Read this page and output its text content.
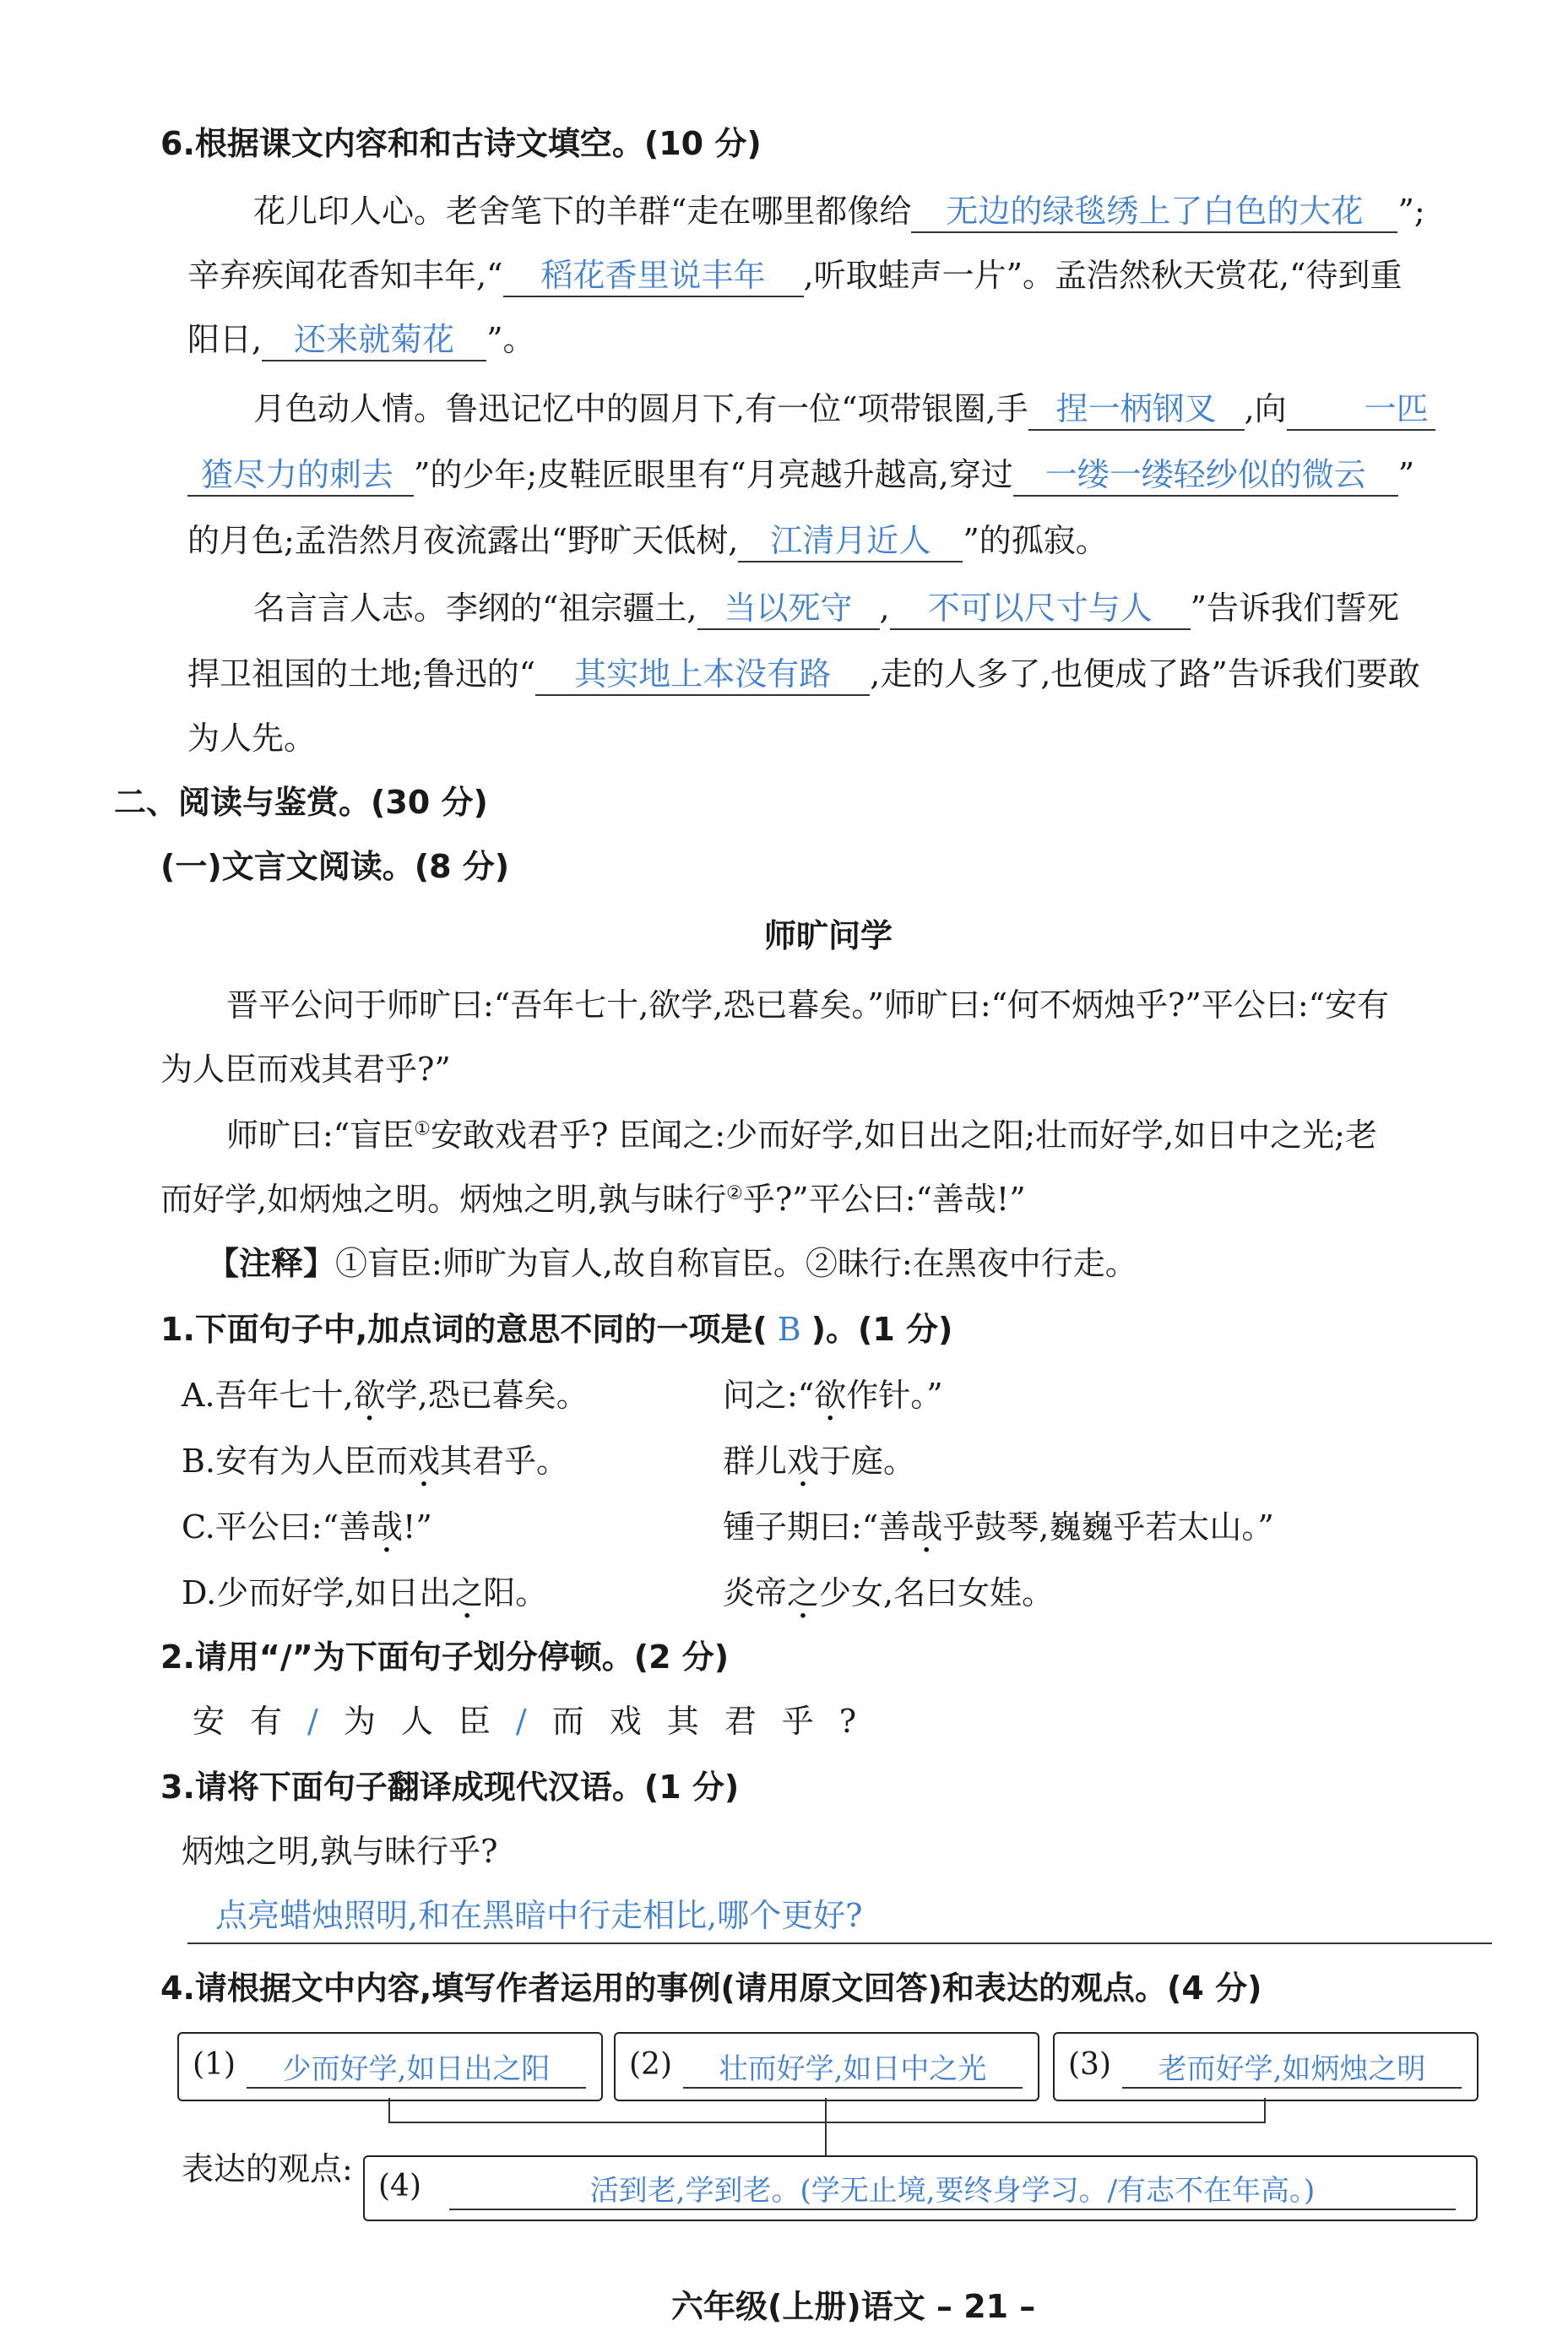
6.根据课文内容和和古诗文填空。(10 分)
花儿印人心。老舍笔下的羊群“走在哪里都像给 无边的绿毯绣上了白色的大花 ”;
辛弃疾闻花香知丰年,“ 稻花香里说丰年 ,听取蛙声一片”。孟浩然秋天赏花,“待到重
阳日, 还来就菊花 ”。
月色动人情。鲁迅记忆中的圆月下,有一位“项带银圈,手 捏一柄钢叉 ,向 一匹
猹尽力的刺去 ”的少年;皮鞋匠眼里有“月亮越升越高,穿过 一缕一缕轻纱似的微云 ”
的月色;孟浩然月夜流露出“野旷天低树, 江清月近人 ”的孤寂。
名言言人志。李纲的“祖宗疆土, 当以死守 , 不可以尺寸与人 ”告诉我们誓死
捍卫祖国的土地;鲁迅的“ 其实地上本没有路 ,走的人多了,也便成了路”告诉我们要敢
为人先。
二、阅读与鉴赏。(30 分)
(一)文言文阅读。(8 分)
师旷问学
晋平公问于师旷曰:“吾年七十,欲学,恐已暮矣。”师旷曰:“何不炳烛乎?”平公曰:“安有
为人臣而戏其君乎?”
师旷曰:“盲臣①安敢戏君乎? 臣闻之:少而好学,如日出之阳;壮而好学,如日中之光;老
而好学,如炳烛之明。炳烛之明,孰与昧行②乎?”平公曰:“善哉!”
【注释】①盲臣:师旷为盲人,故自称盲臣。②昧行:在黑夜中行走。
1.下面句子中,加点词的意思不同的一项是( B )。(1 分)
A.吾年七十,欲学,恐已暮矣。	问之:“欲作针。”
B.安有为人臣而戏其君乎。	群儿戏于庭。
C.平公曰:“善哉!”	锺子期曰:“善哉乎鼓琴,巍巍乎若太山。”
D.少而好学,如日出之阳。	炎帝之少女,名曰女娃。
2.请用“/”为下面句子划分停顿。(2 分)
安 有 / 为 人 臣 / 而 戏 其 君 乎 ?
3.请将下面句子翻译成现代汉语。(1 分)
炳烛之明,孰与昧行乎?
点亮蜡烛照明,和在黑暗中行走相比,哪个更好?
4.请根据文中内容,填写作者运用的事例(请用原文回答)和表达的观点。(4 分)
(1)	少而好学,如日出之阳	(2)	壮而好学,如日中之光	(3)	老而好学,如炳烛之明
表达的观点: (4)	活到老,学到老。(学无止境,要终身学习。/有志不在年高。)
六年级(上册)语文 – 21 –
